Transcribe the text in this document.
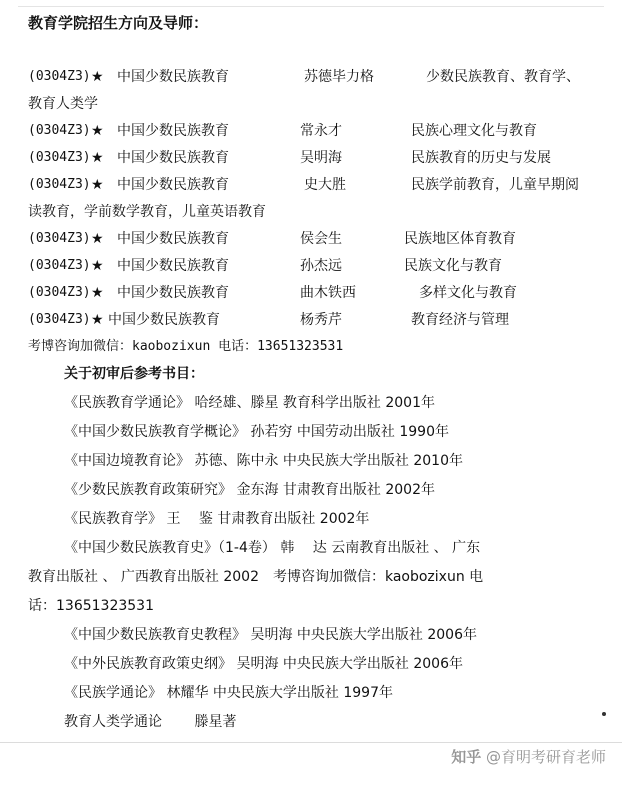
教育学院招生方向及导师：
(0304Z3) ★ 中国少数民族教育	苏德毕力格	少数民族教育、教育学、
教育人类学
(0304Z3) ★ 中国少数民族教育	常永才	民族心理文化与教育
(0304Z3) ★ 中国少数民族教育	吴明海	民族教育的历史与发展
(0304Z3) ★ 中国少数民族教育	史大胜	民族学前教育，儿童早期阅
读教育，学前数学教育，儿童英语教育
(0304Z3) ★ 中国少数民族教育	侯会生	民族地区体育教育
(0304Z3) ★ 中国少数民族教育	孙杰远	民族文化与教育
(0304Z3) ★ 中国少数民族教育	曲木铁西	多样文化与教育
(0304Z3) ★ 中国少数民族教育	杨秀芹	教育经济与管理
考博咨询加微信：kaobozixun 电话：13651323531
关于初审后参考书目：
《民族教育学通论》 哈经雄、滕星 教育科学出版社 2001年
《中国少数民族教育学概论》 孙若穷 中国劳动出版社 1990年
《中国边境教育论》 苏德、陈中永 中央民族大学出版社 2010年
《少数民族教育政策研究》 金东海 甘肃教育出版社 2002年
《民族教育学》 王　 鉴 甘肃教育出版社 2002年
《中国少数民族教育史》（1-4卷） 韩　 达 云南教育出版社 、 广东
教育出版社 、 广西教育出版社 2002　考博咨询加微信：kaobozixun 电
话：13651323531
《中国少数民族教育史教程》 吴明海 中央民族大学出版社 2006年
《中外民族教育政策史纲》 吴明海 中央民族大学出版社 2006年
《民族学通论》 林耀华 中央民族大学出版社 1997年
教育人类学通论　　 滕星著
知乎 @育明考研育老师
